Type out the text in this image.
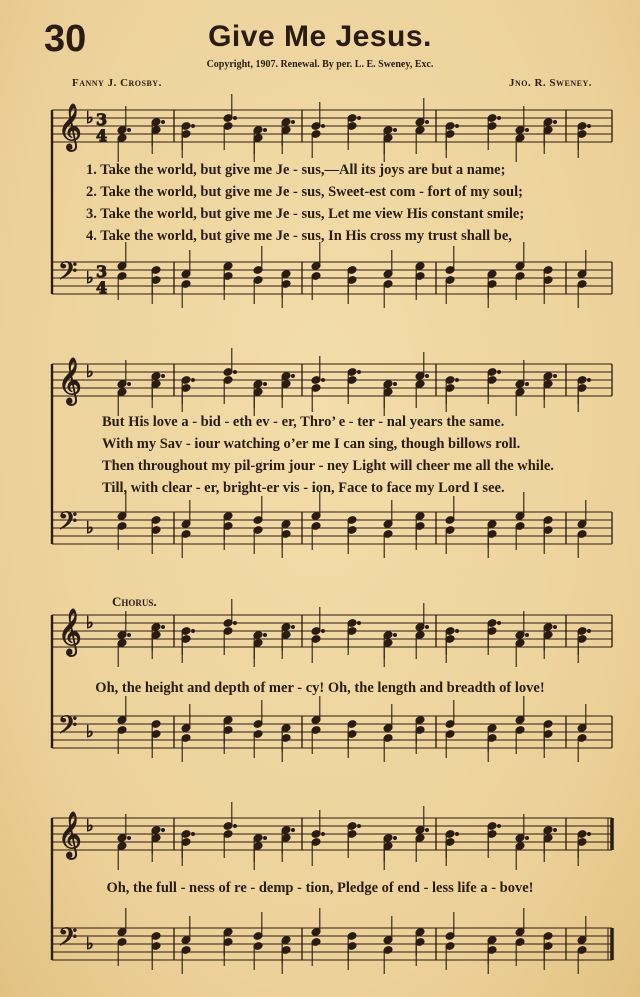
30	Give Me Jesus.
Copyright, 1907. Renewal. By per. L. E. Sweney, Exc.
Fanny J. Crosby.	Jno. R. Sweney.
𝄞
𝄢
♭
♭
3
4
3
4
𝄞
𝄢
♭
♭
𝄞
𝄢
♭
♭
𝄞
𝄢
♭
♭
1. Take the world, but give me Je - sus,—All its joys are but a name;
2. Take the world, but give me Je - sus, Sweet-est com - fort of my soul;
3. Take the world, but give me Je - sus, Let me view His constant smile;
4. Take the world, but give me Je - sus, In His cross my trust shall be,
But His love a - bid - eth ev - er, Thro’ e - ter - nal years the same.
With my Sav - iour watching o’er me I can sing, though billows roll.
Then throughout my pil-grim jour - ney Light will cheer me all the while.
Till, with clear - er, bright-er vis - ion, Face to face my Lord I see.
Chorus.
Oh, the height and depth of mer - cy! Oh, the length and breadth of love!
Oh, the full - ness of re - demp - tion, Pledge of end - less life a - bove!
